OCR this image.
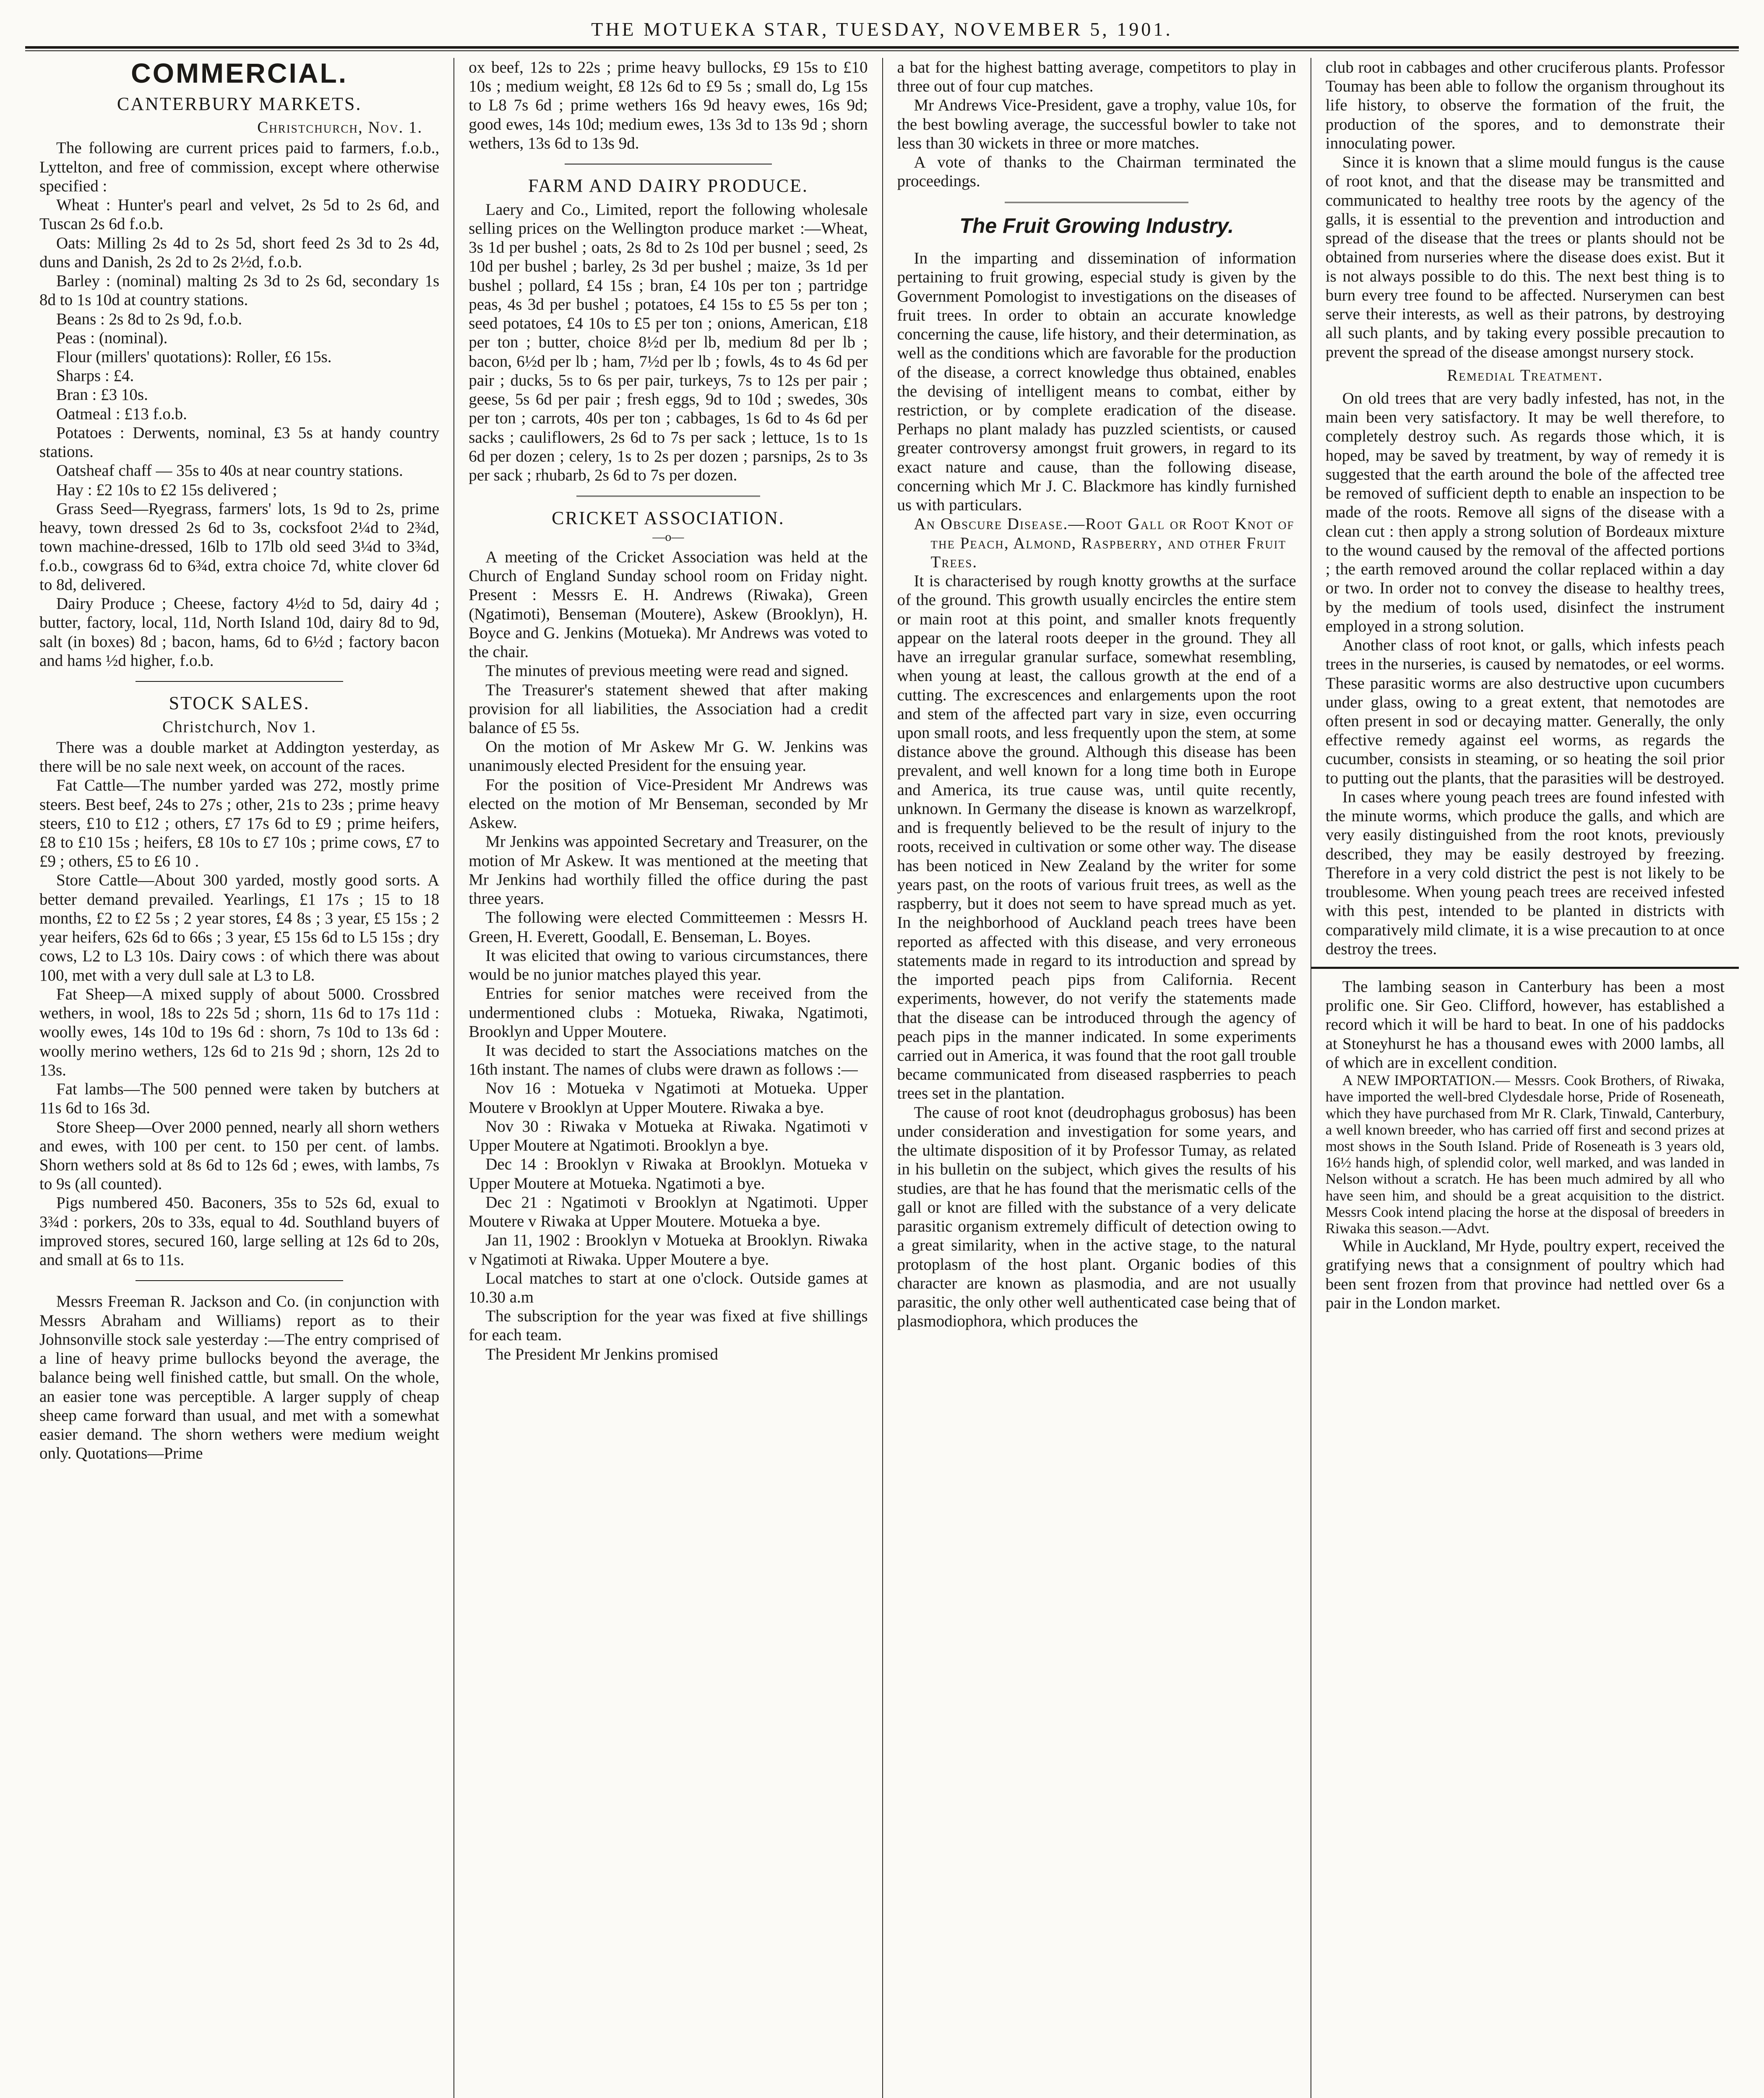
THE MOTUEKA STAR, TUESDAY, NOVEMBER 5, 1901.
COMMERCIAL.
CANTERBURY MARKETS.
Christchurch, Nov. 1.

The following are current prices paid to farmers, f.o.b., Lyttelton, and free of commission, except where otherwise specified :

Wheat : Hunter's pearl and velvet, 2s 5d to 2s 6d, and Tuscan 2s 6d f.o.b.

Oats: Milling 2s 4d to 2s 5d, short feed 2s 3d to 2s 4d, duns and Danish, 2s 2d to 2s 2½d, f.o.b.

Barley : (nominal) malting 2s 3d to 2s 6d, secondary 1s 8d to 1s 10d at country stations.

Beans : 2s 8d to 2s 9d, f.o.b.

Peas : (nominal).

Flour (millers' quotations): Roller, £6 15s.

Sharps : £4.

Bran : £3 10s.

Oatmeal : £13 f.o.b.

Potatoes : Derwents, nominal, £3 5s at handy country stations.

Oatsheaf chaff — 35s to 40s at near country stations.

Hay : £2 10s to £2 15s delivered ;

Grass Seed—Ryegrass, farmers' lots, 1s 9d to 2s, prime heavy, town dressed 2s 6d to 3s, cocksfoot 2¼d to 2¾d, town machine-dressed, 16lb to 17lb old seed 3¼d to 3¾d, f.o.b., cowgrass 6d to 6¾d, extra choice 7d, white clover 6d to 8d, delivered.

Dairy Produce ; Cheese, factory 4½d to 5d, dairy 4d ; butter, factory, local, 11d, North Island 10d, dairy 8d to 9d, salt (in boxes) 8d ; bacon, hams, 6d to 6½d ; factory bacon and hams ½d higher, f.o.b.

STOCK SALES.
Christchurch, Nov 1.

There was a double market at Addington yesterday, as there will be no sale next week, on account of the races.

Fat Cattle—The number yarded was 272, mostly prime steers. Best beef, 24s to 27s ; other, 21s to 23s ; prime heavy steers, £10 to £12 ; others, £7 17s 6d to £9 ; prime heifers, £8 to £10 15s ; heifers, £8 10s to £7 10s ; prime cows, £7 to £9 ; others, £5 to £6 10 .

Store Cattle—About 300 yarded, mostly good sorts. A better demand prevailed. Yearlings, £1 17s ; 15 to 18 months, £2 to £2 5s ; 2 year stores, £4 8s ; 3 year, £5 15s ; 2 year heifers, 62s 6d to 66s ; 3 year, £5 15s 6d to L5 15s ; dry cows, L2 to L3 10s. Dairy cows : of which there was about 100, met with a very dull sale at L3 to L8.

Fat Sheep—A mixed supply of about 5000. Crossbred wethers, in wool, 18s to 22s 5d ; shorn, 11s 6d to 17s 11d : woolly ewes, 14s 10d to 19s 6d : shorn, 7s 10d to 13s 6d : woolly merino wethers, 12s 6d to 21s 9d ; shorn, 12s 2d to 13s.

Fat lambs—The 500 penned were taken by butchers at 11s 6d to 16s 3d.

Store Sheep—Over 2000 penned, nearly all shorn wethers and ewes, with 100 per cent. to 150 per cent. of lambs. Shorn wethers sold at 8s 6d to 12s 6d ; ewes, with lambs, 7s to 9s (all counted).

Pigs numbered 450. Baconers, 35s to 52s 6d, exual to 3¾d : porkers, 20s to 33s, equal to 4d. Southland buyers of improved stores, secured 160, large selling at 12s 6d to 20s, and small at 6s to 11s.

Messrs Freeman R. Jackson and Co. (in conjunction with Messrs Abraham and Williams) report as to their Johnsonville stock sale yesterday :—The entry comprised of a line of heavy prime bullocks beyond the average, the balance being well finished cattle, but small. On the whole, an easier tone was perceptible. A larger supply of cheap sheep came forward than usual, and met with a somewhat easier demand. The shorn wethers were medium weight only. Quotations—Prime

ox beef, 12s to 22s ; prime heavy bullocks, £9 15s to £10 10s ; medium weight, £8 12s 6d to £9 5s ; small do, Lg 15s to L8 7s 6d ; prime wethers 16s 9d heavy ewes, 16s 9d; good ewes, 14s 10d; medium ewes, 13s 3d to 13s 9d ; shorn wethers, 13s 6d to 13s 9d.

FARM AND DAIRY PRODUCE.

Laery and Co., Limited, report the following wholesale selling prices on the Wellington produce market :—Wheat, 3s 1d per bushel ; oats, 2s 8d to 2s 10d per busnel ; seed, 2s 10d per bushel ; barley, 2s 3d per bushel ; maize, 3s 1d per bushel ; pollard, £4 15s ; bran, £4 10s per ton ; partridge peas, 4s 3d per bushel ; potatoes, £4 15s to £5 5s per ton ; seed potatoes, £4 10s to £5 per ton ; onions, American, £18 per ton ; butter, choice 8½d per lb, medium 8d per lb ; bacon, 6½d per lb ; ham, 7½d per lb ; fowls, 4s to 4s 6d per pair ; ducks, 5s to 6s per pair, turkeys, 7s to 12s per pair ; geese, 5s 6d per pair ; fresh eggs, 9d to 10d ; swedes, 30s per ton ; carrots, 40s per ton ; cabbages, 1s 6d to 4s 6d per sacks ; cauliflowers, 2s 6d to 7s per sack ; lettuce, 1s to 1s 6d per dozen ; celery, 1s to 2s per dozen ; parsnips, 2s to 3s per sack ; rhubarb, 2s 6d to 7s per dozen.

CRICKET ASSOCIATION.
—o—

A meeting of the Cricket Association was held at the Church of England Sunday school room on Friday night. Present : Messrs E. H. Andrews (Riwaka), Green (Ngatimoti), Benseman (Moutere), Askew (Brooklyn), H. Boyce and G. Jenkins (Motueka). Mr Andrews was voted to the chair.

The minutes of previous meeting were read and signed.

The Treasurer's statement shewed that after making provision for all liabilities, the Association had a credit balance of £5 5s.

On the motion of Mr Askew Mr G. W. Jenkins was unanimously elected President for the ensuing year.

For the position of Vice-President Mr Andrews was elected on the motion of Mr Benseman, seconded by Mr Askew.

Mr Jenkins was appointed Secretary and Treasurer, on the motion of Mr Askew. It was mentioned at the meeting that Mr Jenkins had worthily filled the office during the past three years.

The following were elected Committeemen : Messrs H. Green, H. Everett, Goodall, E. Benseman, L. Boyes.

It was elicited that owing to various circumstances, there would be no junior matches played this year.

Entries for senior matches were received from the undermentioned clubs : Motueka, Riwaka, Ngatimoti, Brooklyn and Upper Moutere.

It was decided to start the Associations matches on the 16th instant. The names of clubs were drawn as follows :—

Nov 16 : Motueka v Ngatimoti at Motueka. Upper Moutere v Brooklyn at Upper Moutere. Riwaka a bye.

Nov 30 : Riwaka v Motueka at Riwaka. Ngatimoti v Upper Moutere at Ngatimoti. Brooklyn a bye.

Dec 14 : Brooklyn v Riwaka at Brooklyn. Motueka v Upper Moutere at Motueka. Ngatimoti a bye.

Dec 21 : Ngatimoti v Brooklyn at Ngatimoti. Upper Moutere v Riwaka at Upper Moutere. Motueka a bye.

Jan 11, 1902 : Brooklyn v Motueka at Brooklyn. Riwaka v Ngatimoti at Riwaka. Upper Moutere a bye.

Local matches to start at one o'clock. Outside games at 10.30 a.m

The subscription for the year was fixed at five shillings for each team.

The President Mr Jenkins promised

a bat for the highest batting average, competitors to play in three out of four cup matches.

Mr Andrews Vice-President, gave a trophy, value 10s, for the best bowling average, the successful bowler to take not less than 30 wickets in three or more matches.

A vote of thanks to the Chairman terminated the proceedings.

The Fruit Growing Industry.

In the imparting and dissemination of information pertaining to fruit growing, especial study is given by the Government Pomologist to investigations on the diseases of fruit trees. In order to obtain an accurate knowledge concerning the cause, life history, and their determination, as well as the conditions which are favorable for the production of the disease, a correct knowledge thus obtained, enables the devising of intelligent means to combat, either by restriction, or by complete eradication of the disease. Perhaps no plant malady has puzzled scientists, or caused greater controversy amongst fruit growers, in regard to its exact nature and cause, than the following disease, concerning which Mr J. C. Blackmore has kindly furnished us with particulars.

An Obscure Disease.—Root Gall or Root Knot of the Peach, Almond, Raspberry, and other Fruit Trees.

It is characterised by rough knotty growths at the surface of the ground. This growth usually encircles the entire stem or main root at this point, and smaller knots frequently appear on the lateral roots deeper in the ground. They all have an irregular granular surface, somewhat resembling, when young at least, the callous growth at the end of a cutting. The excrescences and enlargements upon the root and stem of the affected part vary in size, even occurring upon small roots, and less frequently upon the stem, at some distance above the ground. Although this disease has been prevalent, and well known for a long time both in Europe and America, its true cause was, until quite recently, unknown. In Germany the disease is known as warzelkropf, and is frequently believed to be the result of injury to the roots, received in cultivation or some other way. The disease has been noticed in New Zealand by the writer for some years past, on the roots of various fruit trees, as well as the raspberry, but it does not seem to have spread much as yet. In the neighborhood of Auckland peach trees have been reported as affected with this disease, and very erroneous statements made in regard to its introduction and spread by the imported peach pips from California. Recent experiments, however, do not verify the statements made that the disease can be introduced through the agency of peach pips in the manner indicated. In some experiments carried out in America, it was found that the root gall trouble became communicated from diseased raspberries to peach trees set in the plantation.

The cause of root knot (deudrophagus grobosus) has been under consideration and investigation for some years, and the ultimate disposition of it by Professor Tumay, as related in his bulletin on the subject, which gives the results of his studies, are that he has found that the merismatic cells of the gall or knot are filled with the substance of a very delicate parasitic organism extremely difficult of detection owing to a great similarity, when in the active stage, to the natural protoplasm of the host plant. Organic bodies of this character are known as plasmodia, and are not usually parasitic, the only other well authenticated case being that of plasmodiophora, which produces the

club root in cabbages and other cruciferous plants. Professor Toumay has been able to follow the organism throughout its life history, to observe the formation of the fruit, the production of the spores, and to demonstrate their innoculating power.

Since it is known that a slime mould fungus is the cause of root knot, and that the disease may be transmitted and communicated to healthy tree roots by the agency of the galls, it is essential to the prevention and introduction and spread of the disease that the trees or plants should not be obtained from nurseries where the disease does exist. But it is not always possible to do this. The next best thing is to burn every tree found to be affected. Nurserymen can best serve their interests, as well as their patrons, by destroying all such plants, and by taking every possible precaution to prevent the spread of the disease amongst nursery stock.

Remedial Treatment.

On old trees that are very badly infested, has not, in the main been very satisfactory. It may be well therefore, to completely destroy such. As regards those which, it is hoped, may be saved by treatment, by way of remedy it is suggested that the earth around the bole of the affected tree be removed of sufficient depth to enable an inspection to be made of the roots. Remove all signs of the disease with a clean cut : then apply a strong solution of Bordeaux mixture to the wound caused by the removal of the affected portions ; the earth removed around the collar replaced within a day or two. In order not to convey the disease to healthy trees, by the medium of tools used, disinfect the instrument employed in a strong solution.

Another class of root knot, or galls, which infests peach trees in the nurseries, is caused by nematodes, or eel worms. These parasitic worms are also destructive upon cucumbers under glass, owing to a great extent, that nemotodes are often present in sod or decaying matter. Generally, the only effective remedy against eel worms, as regards the cucumber, consists in steaming, or so heating the soil prior to putting out the plants, that the parasities will be destroyed.

In cases where young peach trees are found infested with the minute worms, which produce the galls, and which are very easily distinguished from the root knots, previously described, they may be easily destroyed by freezing. Therefore in a very cold district the pest is not likely to be troublesome. When young peach trees are received infested with this pest, intended to be planted in districts with comparatively mild climate, it is a wise precaution to at once destroy the trees.

The lambing season in Canterbury has been a most prolific one. Sir Geo. Clifford, however, has established a record which it will be hard to beat. In one of his paddocks at Stoneyhurst he has a thousand ewes with 2000 lambs, all of which are in excellent condition.

A NEW IMPORTATION.— Messrs. Cook Brothers, of Riwaka, have imported the well-bred Clydesdale horse, Pride of Roseneath, which they have purchased from Mr R. Clark, Tinwald, Canterbury, a well known breeder, who has carried off first and second prizes at most shows in the South Island. Pride of Roseneath is 3 years old, 16½ hands high, of splendid color, well marked, and was landed in Nelson without a scratch. He has been much admired by all who have seen him, and should be a great acquisition to the district. Messrs Cook intend placing the horse at the disposal of breeders in Riwaka this season.—Advt.

While in Auckland, Mr Hyde, poultry expert, received the gratifying news that a consignment of poultry which had been sent frozen from that province had nettled over 6s a pair in the London market.
